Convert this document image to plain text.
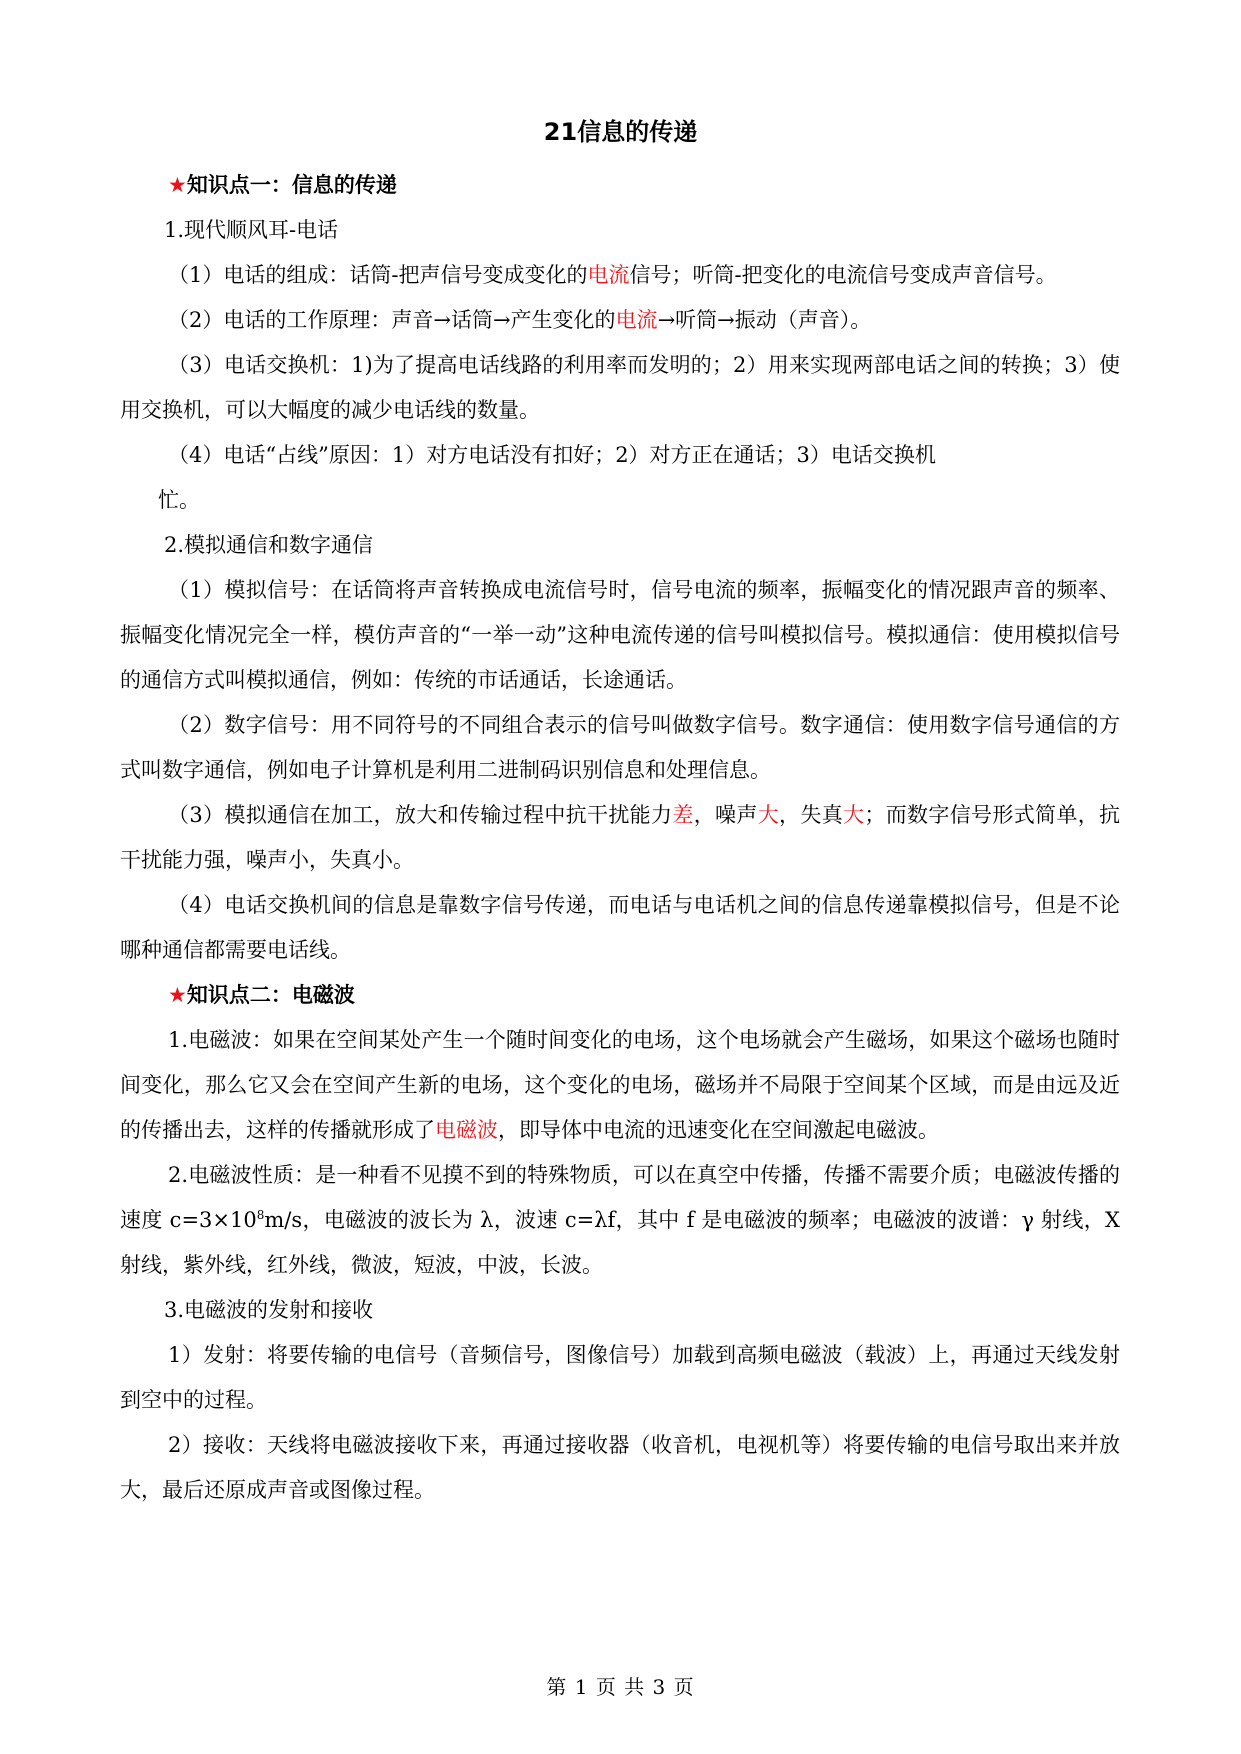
21信息的传递
★知识点一：信息的传递
1.现代顺风耳-电话
（1）电话的组成：话筒-把声信号变成变化的电流信号；听筒-把变化的电流信号变成声音信号。
（2）电话的工作原理：声音→话筒→产生变化的电流→听筒→振动（声音）。
（3）电话交换机：1)为了提高电话线路的利用率而发明的；2）用来实现两部电话之间的转换；3）使用交换机，可以大幅度的减少电话线的数量。
（4）电话“占线”原因：1）对方电话没有扣好；2）对方正在通话；3）电话交换机
忙。
2.模拟通信和数字通信
（1）模拟信号：在话筒将声音转换成电流信号时，信号电流的频率，振幅变化的情况跟声音的频率、振幅变化情况完全一样，模仿声音的“一举一动”这种电流传递的信号叫模拟信号。模拟通信：使用模拟信号的通信方式叫模拟通信，例如：传统的市话通话，长途通话。
（2）数字信号：用不同符号的不同组合表示的信号叫做数字信号。数字通信：使用数字信号通信的方式叫数字通信，例如电子计算机是利用二进制码识别信息和处理信息。
（3）模拟通信在加工，放大和传输过程中抗干扰能力差，噪声大，失真大；而数字信号形式简单，抗干扰能力强，噪声小，失真小。
（4）电话交换机间的信息是靠数字信号传递，而电话与电话机之间的信息传递靠模拟信号，但是不论哪种通信都需要电话线。
★知识点二：电磁波
1.电磁波：如果在空间某处产生一个随时间变化的电场，这个电场就会产生磁场，如果这个磁场也随时间变化，那么它又会在空间产生新的电场，这个变化的电场，磁场并不局限于空间某个区域，而是由远及近的传播出去，这样的传播就形成了电磁波，即导体中电流的迅速变化在空间激起电磁波。
2.电磁波性质：是一种看不见摸不到的特殊物质，可以在真空中传播，传播不需要介质；电磁波传播的速度 $c=3\times 10^8m/s$，电磁波的波长为 λ，波速 c=λf，其中 f 是电磁波的频率；电磁波的波谱：γ 射线，X 射线，紫外线，红外线，微波，短波，中波，长波。
3.电磁波的发射和接收
1）发射：将要传输的电信号（音频信号，图像信号）加载到高频电磁波（载波）上，再通过天线发射到空中的过程。
2）接收：天线将电磁波接收下来，再通过接收器（收音机，电视机等）将要传输的电信号取出来并放大，最后还原成声音或图像过程。
第 1 页 共 3 页
